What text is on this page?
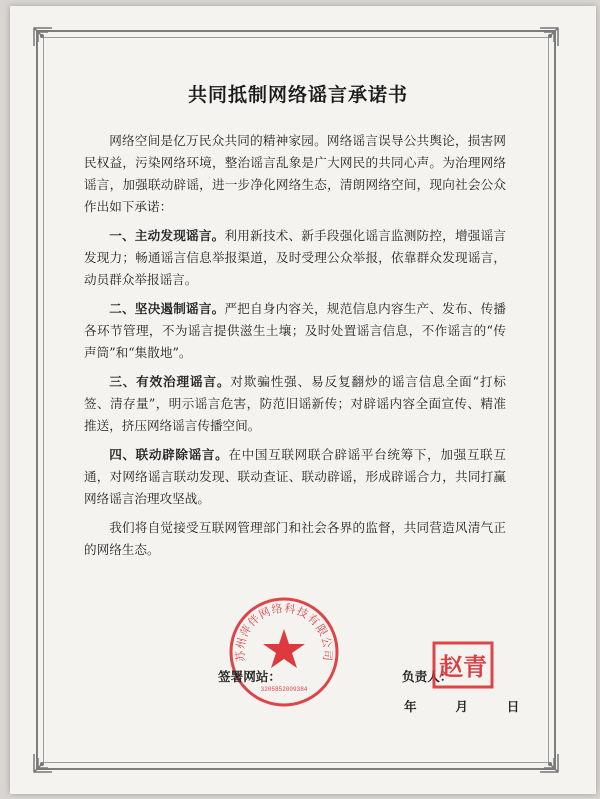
共同抵制网络谣言承诺书

网络空间是亿万民众共同的精神家园。网络谣言误导公共舆论，损害网民权益，污染网络环境，整治谣言乱象是广大网民的共同心声。为治理网络谣言，加强联动辟谣，进一步净化网络生态，清朗网络空间，现向社会公众作出如下承诺：

一、主动发现谣言。利用新技术、新手段强化谣言监测防控，增强谣言发现力；畅通谣言信息举报渠道，及时受理公众举报，依靠群众发现谣言，动员群众举报谣言。

二、坚决遏制谣言。严把自身内容关，规范信息内容生产、发布、传播各环节管理，不为谣言提供滋生土壤；及时处置谣言信息，不作谣言的“传声筒”和“集散地”。

三、有效治理谣言。对欺骗性强、易反复翻炒的谣言信息全面“打标签、清存量”，明示谣言危害，防范旧谣新传；对辟谣内容全面宣传、精准推送，挤压网络谣言传播空间。

四、联动辟除谣言。在中国互联网联合辟谣平台统筹下，加强互联互通，对网络谣言联动发现、联动查证、联动辟谣，形成辟谣合力，共同打赢网络谣言治理攻坚战。

我们将自觉接受互联网管理部门和社会各界的监督，共同营造风清气正的网络生态。

苏州萍伴网络科技有限公司
3205852009384
签署网站：	负责人：
赵青
年	月	日
